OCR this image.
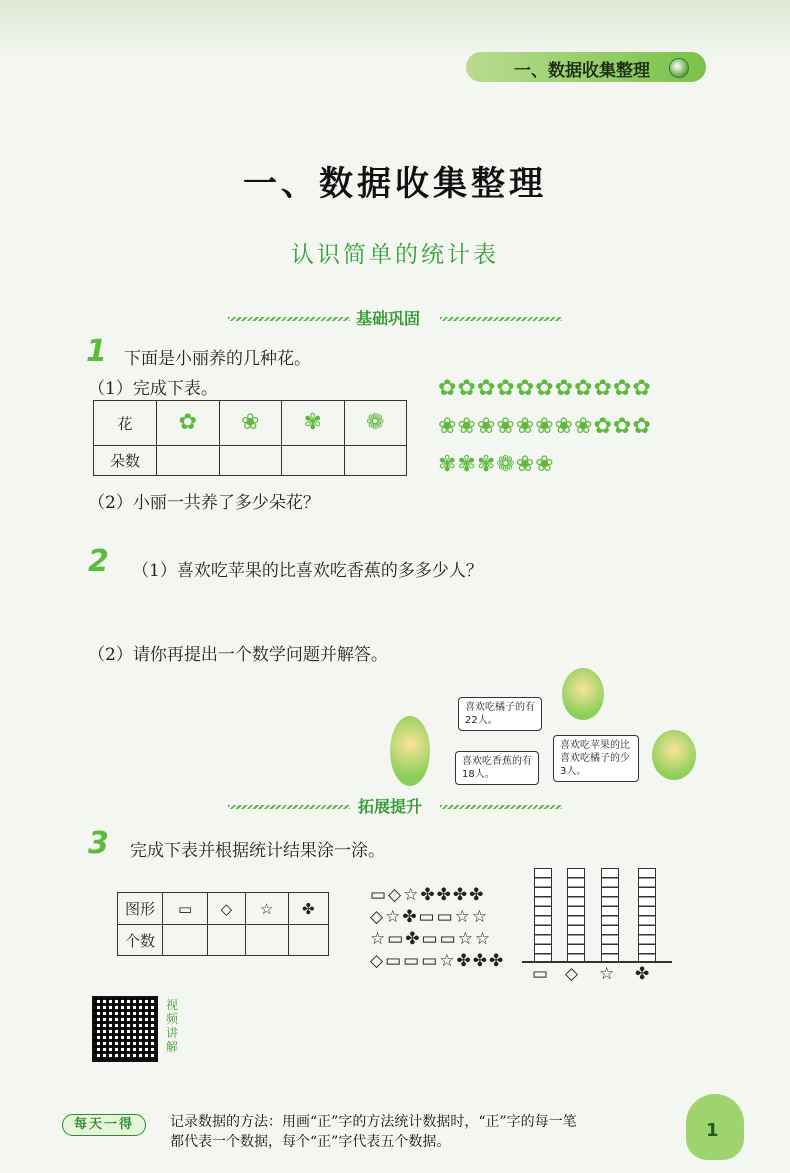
一、数据收集整理
一、数据收集整理
认识简单的统计表
基础巩固
1 下面是小丽养的几种花。
（1）完成下表。
花	✿	❀	✾	❁
朵数				
（2）小丽一共养了多少朵花？
✿✿✿✿✿✿✿✿✿✿✿
❀❀❀❀❀❀❀❀✿✿✿
✾✾✾❁❀❀
2 （1）喜欢吃苹果的比喜欢吃香蕉的多多少人？
（2）请你再提出一个数学问题并解答。
喜欢吃橘子的有22人。
喜欢吃香蕉的有18人。
喜欢吃苹果的比喜欢吃橘子的少3人。
拓展提升
3 完成下表并根据统计结果涂一涂。
图形	▭	◇	☆	✤
个数				
▭◇☆✤✤✤✤
◇☆✤▭▭☆☆
☆▭✤▭▭☆☆
◇▭▭▭☆✤✤✤
▭ ◇ ☆ ✤
视频讲解
每天一得	记录数据的方法：用画“正”字的方法统计数据时，“正”字的每一笔
都代表一个数据，每个“正”字代表五个数据。
1
